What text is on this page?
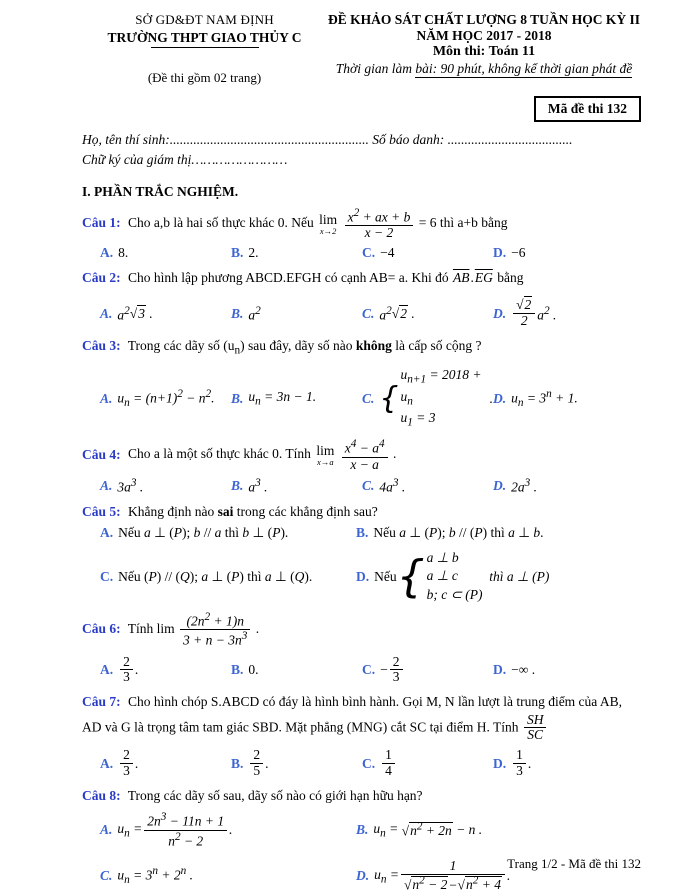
SỞ GD&ĐT NAM ĐỊNH
TRƯỜNG THPT GIAO THỦY C
(Đề thi gồm 02 trang)
ĐỀ KHẢO SÁT CHẤT LƯỢNG 8 TUẦN HỌC KỲ II
NĂM HỌC 2017 - 2018
Môn thi: Toán 11
Thời gian làm bài: 90 phút, không kể thời gian phát đề
Mã đề thi 132
Họ, tên thí sinh:........................................................... Số báo danh: .....................................
Chữ ký của giám thị……………………
I. PHẦN TRẮC NGHIỆM.
Câu 1: Cho a,b là hai số thực khác 0. Nếu lim
x→2
$\frac{x^2 + ax + b}{x - 2} = 6$ thì a+b bằng
A. 8.	B. 2.	C. −4	D. −6
Câu 2: Cho hình lập phương ABCD.EFGH có cạnh AB= a. Khi đó $\overline{AB}.\overline{EG}$ bằng
A. $a^2$ √3
.	B. $a^2$	C. $a^2$ √2
.	D. $\frac{√2}{2} a^2$ .
Câu 3: Trong các dãy số $(u_n)$ sau đây, dãy số nào không là cấp số cộng ?
A. $u_n = (n+1)^2 - n^2$. B. $u_n = 3n - 1$.	C. {
$u_{n+1} = 2018 + u_n$
$u_1 = 3$
. D. $u_n = 3^n + 1$.
Câu 4: Cho a là một số thực khác 0. Tính lim
x→a
$\frac{x^4 - a^4}{x - a}$ .
A. $3a^3$ .	B. $a^3$ .	C. $4a^3$ .	D. $2a^3$ .
Câu 5: Khẳng định nào sai trong các khẳng định sau?
A. Nếu a ⊥ (P); b // a thì b ⊥ (P).	B. Nếu a ⊥ (P); b // (P) thì a ⊥ b.
C. Nếu (P) // (Q); a ⊥ (P) thì a ⊥ (Q).	D. Nếu { a ⊥ b
a ⊥ c
b; c ⊂ (P)

thì a ⊥ (P)
Câu 6: Tính $\lim \frac{(2n^2 + 1)n}{3 + n - 3n^3}$ .
A. $\frac{2}{3}$ .	B. 0.	C. − $\frac{2}{3}$	D. −∞ .
Câu 7: Cho hình chóp S.ABCD có đáy là hình bình hành. Gọi M, N lần lượt là trung điểm của AB, AD và G là trọng tâm tam giác SBD. Mặt phẳng (MNG) cắt SC tại điểm H. Tính $\frac{SH}{SC}$
A. $\frac{2}{3}$ .	B. $\frac{2}{5}$ .	C. $\frac{1}{4}$	D. $\frac{1}{3}$ .
Câu 8: Trong các dãy số sau, dãy số nào có giới hạn hữu hạn?
A. $u_n = \frac{2n^3 - 11n + 1}{n^2 - 2}$ .	B. $u_n$ =
$√n^2 + 2n$
− n .
C. $u_n = 3^n + 2^n$ .	D. $u_n = \frac{1}{√n^2 - 2-√n^2 + 4}$ .
Trang 1/2 - Mã đề thi 132
